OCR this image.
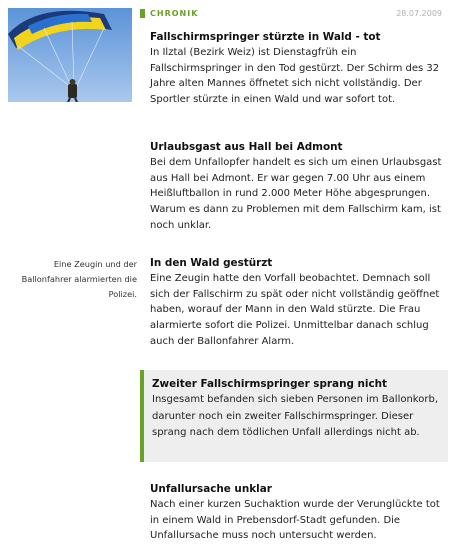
CHRONIK	28.07.2009
Fallschirmspringer stürzte in Wald - tot

In Ilztal (Bezirk Weiz) ist Dienstagfrüh ein Fallschirmspringer in den Tod gestürzt. Der Schirm des 32 Jahre alten Mannes öffnetet sich nicht vollständig. Der Sportler stürzte in einen Wald und war sofort tot.

Urlaubsgast aus Hall bei Admont

Bei dem Unfallopfer handelt es sich um einen Urlaubsgast aus Hall bei Admont. Er war gegen 7.00 Uhr aus einem Heißluftballon in rund 2.000 Meter Höhe abgesprungen. Warum es dann zu Problemen mit dem Fallschirm kam, ist noch unklar.

Eine Zeugin und der Ballonfahrer alarmierten die Polizei.
In den Wald gestürzt

Eine Zeugin hatte den Vorfall beobachtet. Demnach soll sich der Fallschirm zu spät oder nicht vollständig geöffnet haben, worauf der Mann in den Wald stürzte. Die Frau alarmierte sofort die Polizei. Unmittelbar danach schlug auch der Ballonfahrer Alarm.

Zweiter Fallschirmspringer sprang nicht

Insgesamt befanden sich sieben Personen im Ballonkorb, darunter noch ein zweiter Fallschirmspringer. Dieser sprang nach dem tödlichen Unfall allerdings nicht ab.

Unfallursache unklar

Nach einer kurzen Suchaktion wurde der Verunglückte tot in einem Wald in Prebensdorf-Stadt gefunden. Die Unfallursache muss noch untersucht werden.
